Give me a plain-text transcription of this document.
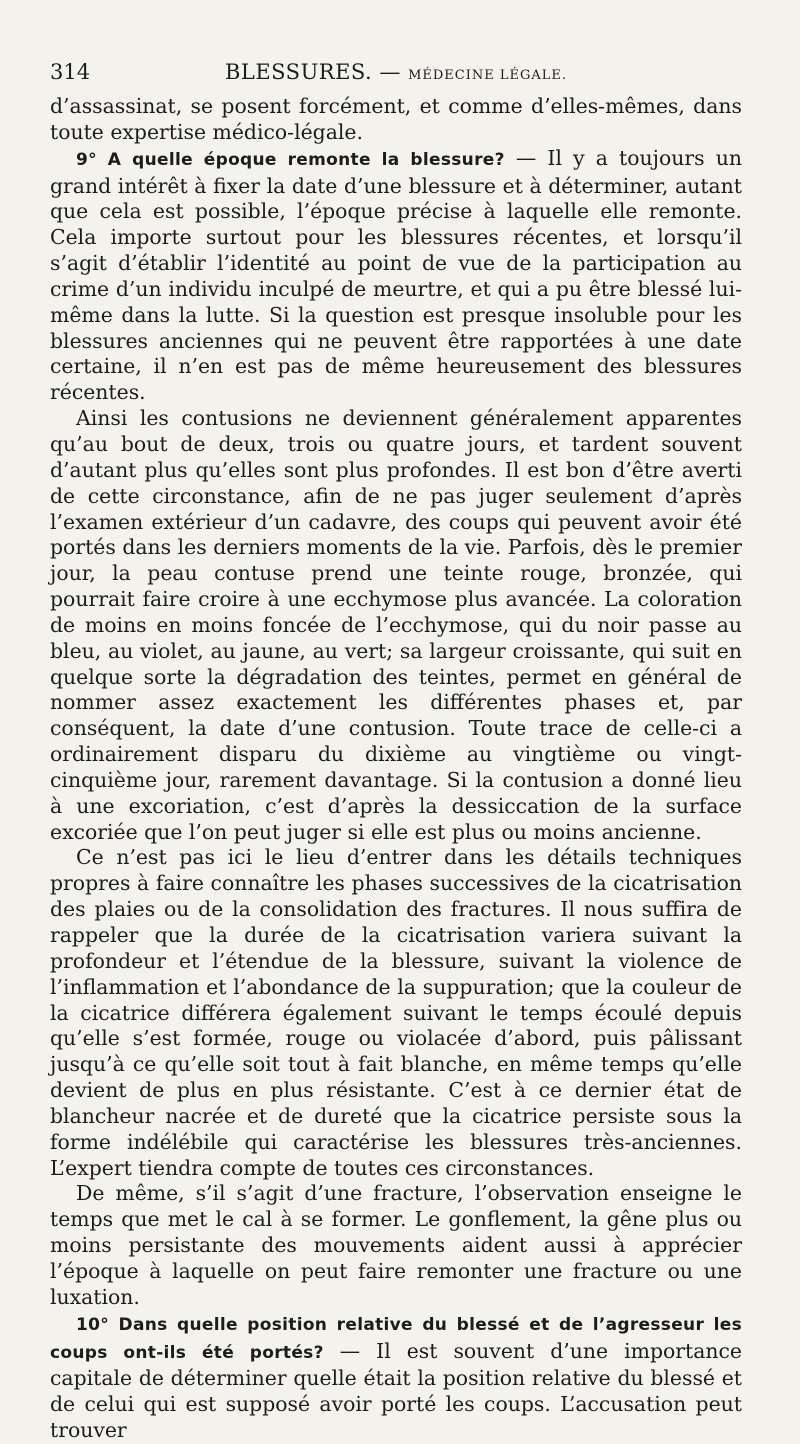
314	BLESSURES. — MÉDECINE LÉGALE.

d’assassinat, se posent forcément, et comme d’elles-mêmes, dans toute expertise médico-légale.

9° A quelle époque remonte la blessure? — Il y a toujours un grand intérêt à fixer la date d’une blessure et à déterminer, autant que cela est possible, l’époque précise à laquelle elle remonte. Cela importe surtout pour les blessures récentes, et lorsqu’il s’agit d’établir l’identité au point de vue de la participation au crime d’un individu inculpé de meurtre, et qui a pu être blessé lui-même dans la lutte. Si la question est presque insoluble pour les blessures anciennes qui ne peuvent être rapportées à une date certaine, il n’en est pas de même heureusement des blessures récentes.

Ainsi les contusions ne deviennent généralement apparentes qu’au bout de deux, trois ou quatre jours, et tardent souvent d’autant plus qu’elles sont plus profondes. Il est bon d’être averti de cette circonstance, afin de ne pas juger seulement d’après l’examen extérieur d’un cadavre, des coups qui peuvent avoir été portés dans les derniers moments de la vie. Parfois, dès le premier jour, la peau contuse prend une teinte rouge, bronzée, qui pourrait faire croire à une ecchymose plus avancée. La coloration de moins en moins foncée de l’ecchymose, qui du noir passe au bleu, au violet, au jaune, au vert; sa largeur croissante, qui suit en quelque sorte la dégradation des teintes, permet en général de nommer assez exactement les différentes phases et, par conséquent, la date d’une contusion. Toute trace de celle-ci a ordinairement disparu du dixième au vingtième ou vingt-cinquième jour, rarement davantage. Si la contusion a donné lieu à une excoriation, c’est d’après la dessiccation de la surface excoriée que l’on peut juger si elle est plus ou moins ancienne.

Ce n’est pas ici le lieu d’entrer dans les détails techniques propres à faire connaître les phases successives de la cicatrisation des plaies ou de la consolidation des fractures. Il nous suffira de rappeler que la durée de la cicatrisation variera suivant la profondeur et l’étendue de la blessure, suivant la violence de l’inflammation et l’abondance de la suppuration; que la couleur de la cicatrice différera également suivant le temps écoulé depuis qu’elle s’est formée, rouge ou violacée d’abord, puis pâlissant jusqu’à ce qu’elle soit tout à fait blanche, en même temps qu’elle devient de plus en plus résistante. C’est à ce dernier état de blancheur nacrée et de dureté que la cicatrice persiste sous la forme indélébile qui caractérise les blessures très-anciennes. L’expert tiendra compte de toutes ces circonstances.

De même, s’il s’agit d’une fracture, l’observation enseigne le temps que met le cal à se former. Le gonflement, la gêne plus ou moins persistante des mouvements aident aussi à apprécier l’époque à laquelle on peut faire remonter une fracture ou une luxation.

10° Dans quelle position relative du blessé et de l’agresseur les coups ont-ils été portés? — Il est souvent d’une importance capitale de déterminer quelle était la position relative du blessé et de celui qui est supposé avoir porté les coups. L’accusation peut trouver
